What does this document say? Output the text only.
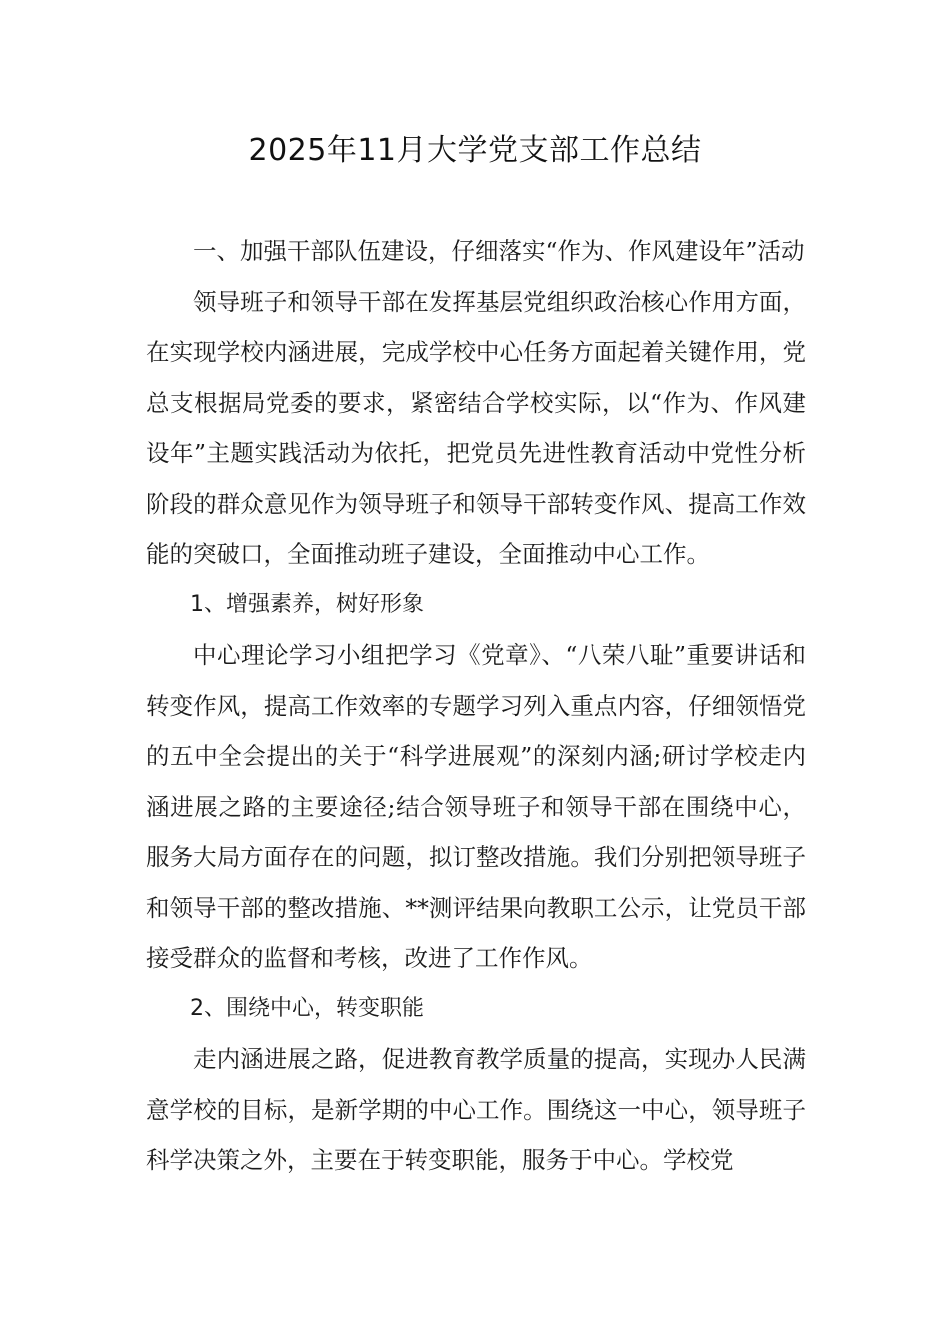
2025年11月大学党支部工作总结

一、加强干部队伍建设，仔细落实“作为、作风建设年”活动

领导班子和领导干部在发挥基层党组织政治核心作用方面，在实现学校内涵进展，完成学校中心任务方面起着关键作用，党总支根据局党委的要求，紧密结合学校实际，以“作为、作风建设年”主题实践活动为依托，把党员先进性教育活动中党性分析阶段的群众意见作为领导班子和领导干部转变作风、提高工作效能的突破口，全面推动班子建设，全面推动中心工作。

1、增强素养，树好形象

中心理论学习小组把学习《党章》、“八荣八耻”重要讲话和转变作风，提高工作效率的专题学习列入重点内容，仔细领悟党的五中全会提出的关于“科学进展观”的深刻内涵;研讨学校走内涵进展之路的主要途径;结合领导班子和领导干部在围绕中心，服务大局方面存在的问题，拟订整改措施。我们分别把领导班子和领导干部的整改措施、**测评结果向教职工公示，让党员干部接受群众的监督和考核，改进了工作作风。

2、围绕中心，转变职能

走内涵进展之路，促进教育教学质量的提高，实现办人民满意学校的目标，是新学期的中心工作。围绕这一中心，领导班子科学决策之外，主要在于转变职能，服务于中心。学校党
